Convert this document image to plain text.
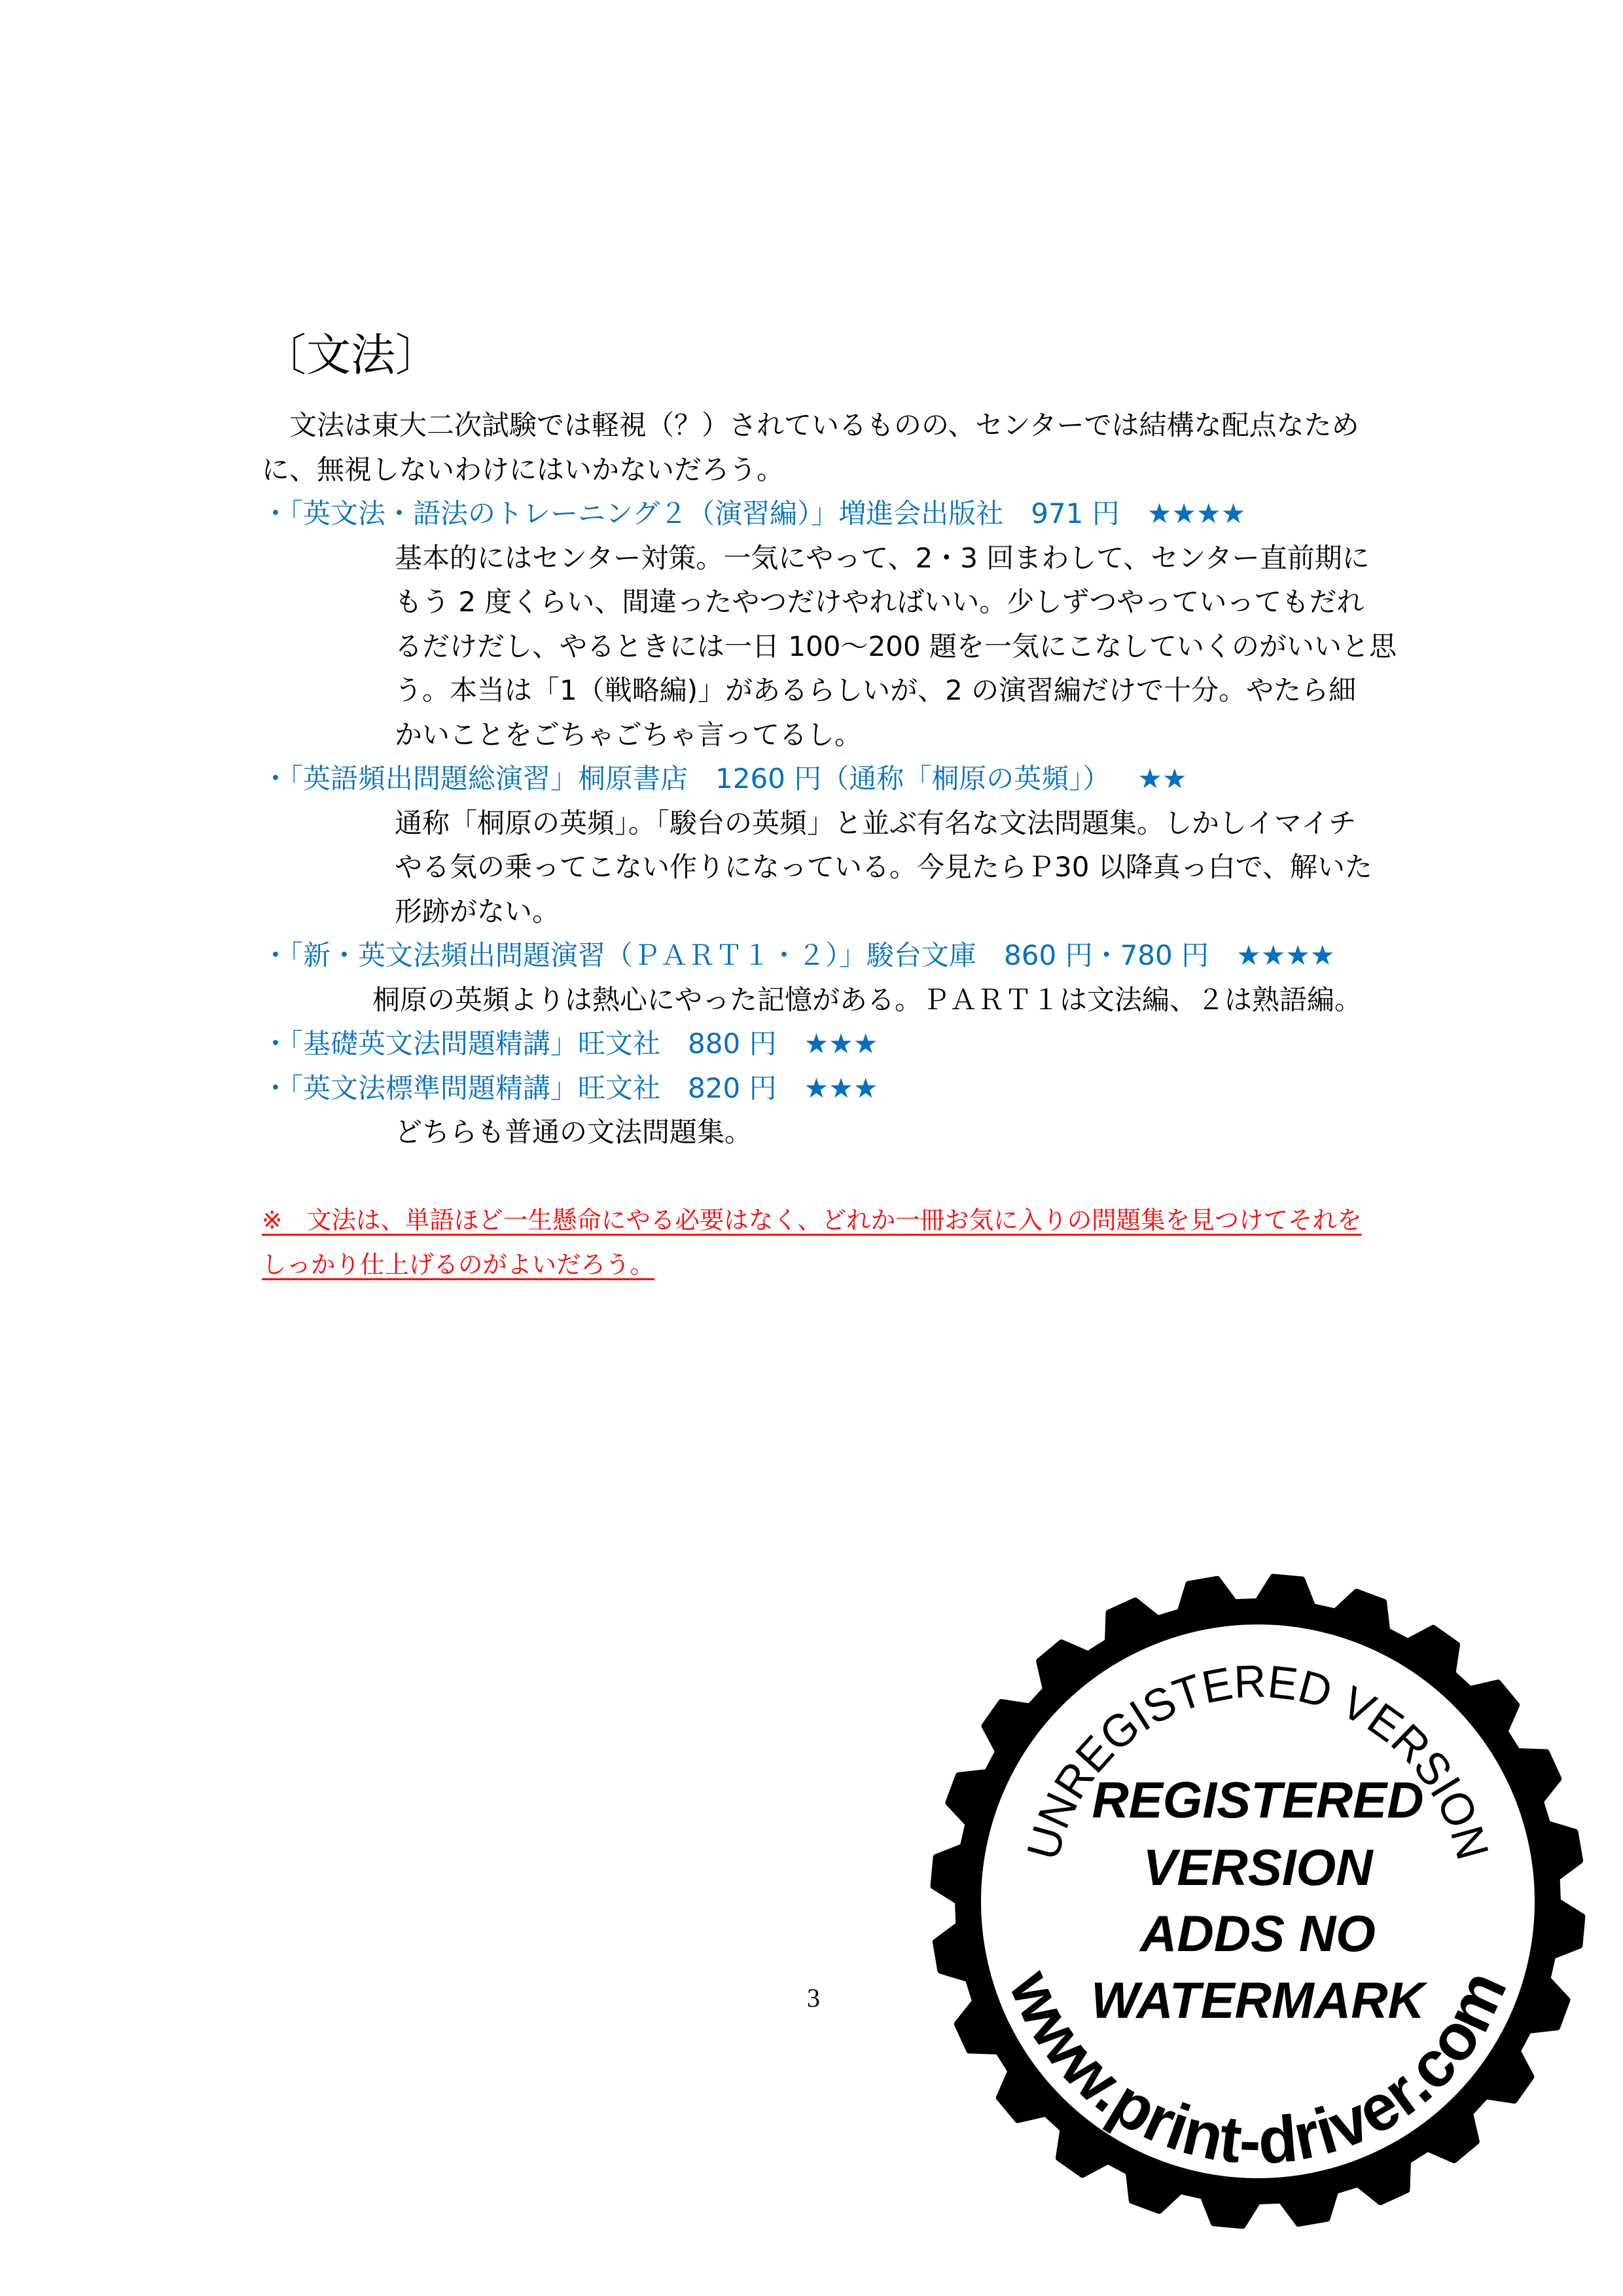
〔文法〕
　文法は東大二次試験では軽視（？）されているものの、センターでは結構な配点なため
に、無視しないわけにはいかないだろう。
・「英文法・語法のトレーニング２（演習編）」増進会出版社 971 円 ★★★★
基本的にはセンター対策。一気にやって、2・3 回まわして、センター直前期に
もう 2 度くらい、間違ったやつだけやればいい。少しずつやっていってもだれ
るだけだし、やるときには一日 100～200 題を一気にこなしていくのがいいと思
う。本当は「1（戦略編)」があるらしいが、2 の演習編だけで十分。やたら細
かいことをごちゃごちゃ言ってるし。
・「英語頻出問題総演習」桐原書店 1260 円（通称「桐原の英頻」） ★★
通称「桐原の英頻」。「駿台の英頻」と並ぶ有名な文法問題集。しかしイマイチ
やる気の乗ってこない作りになっている。今見たらＰ30 以降真っ白で、解いた
形跡がない。
・「新・英文法頻出問題演習（ＰＡＲＴ１・２）」駿台文庫 860 円・780 円 ★★★★
桐原の英頻よりは熱心にやった記憶がある。ＰＡＲＴ１は文法編、２は熟語編。
・「基礎英文法問題精講」旺文社 880 円 ★★★
・「英文法標準問題精講」旺文社 820 円 ★★★
どちらも普通の文法問題集。
※　文法は、単語ほど一生懸命にやる必要はなく、どれか一冊お気に入りの問題集を見つけてそれを
しっかり仕上げるのがよいだろう。
3
UNREGISTERED VERSION
REGISTERED
VERSION
ADDS NO
WATERMARK
www.print-driver.com
